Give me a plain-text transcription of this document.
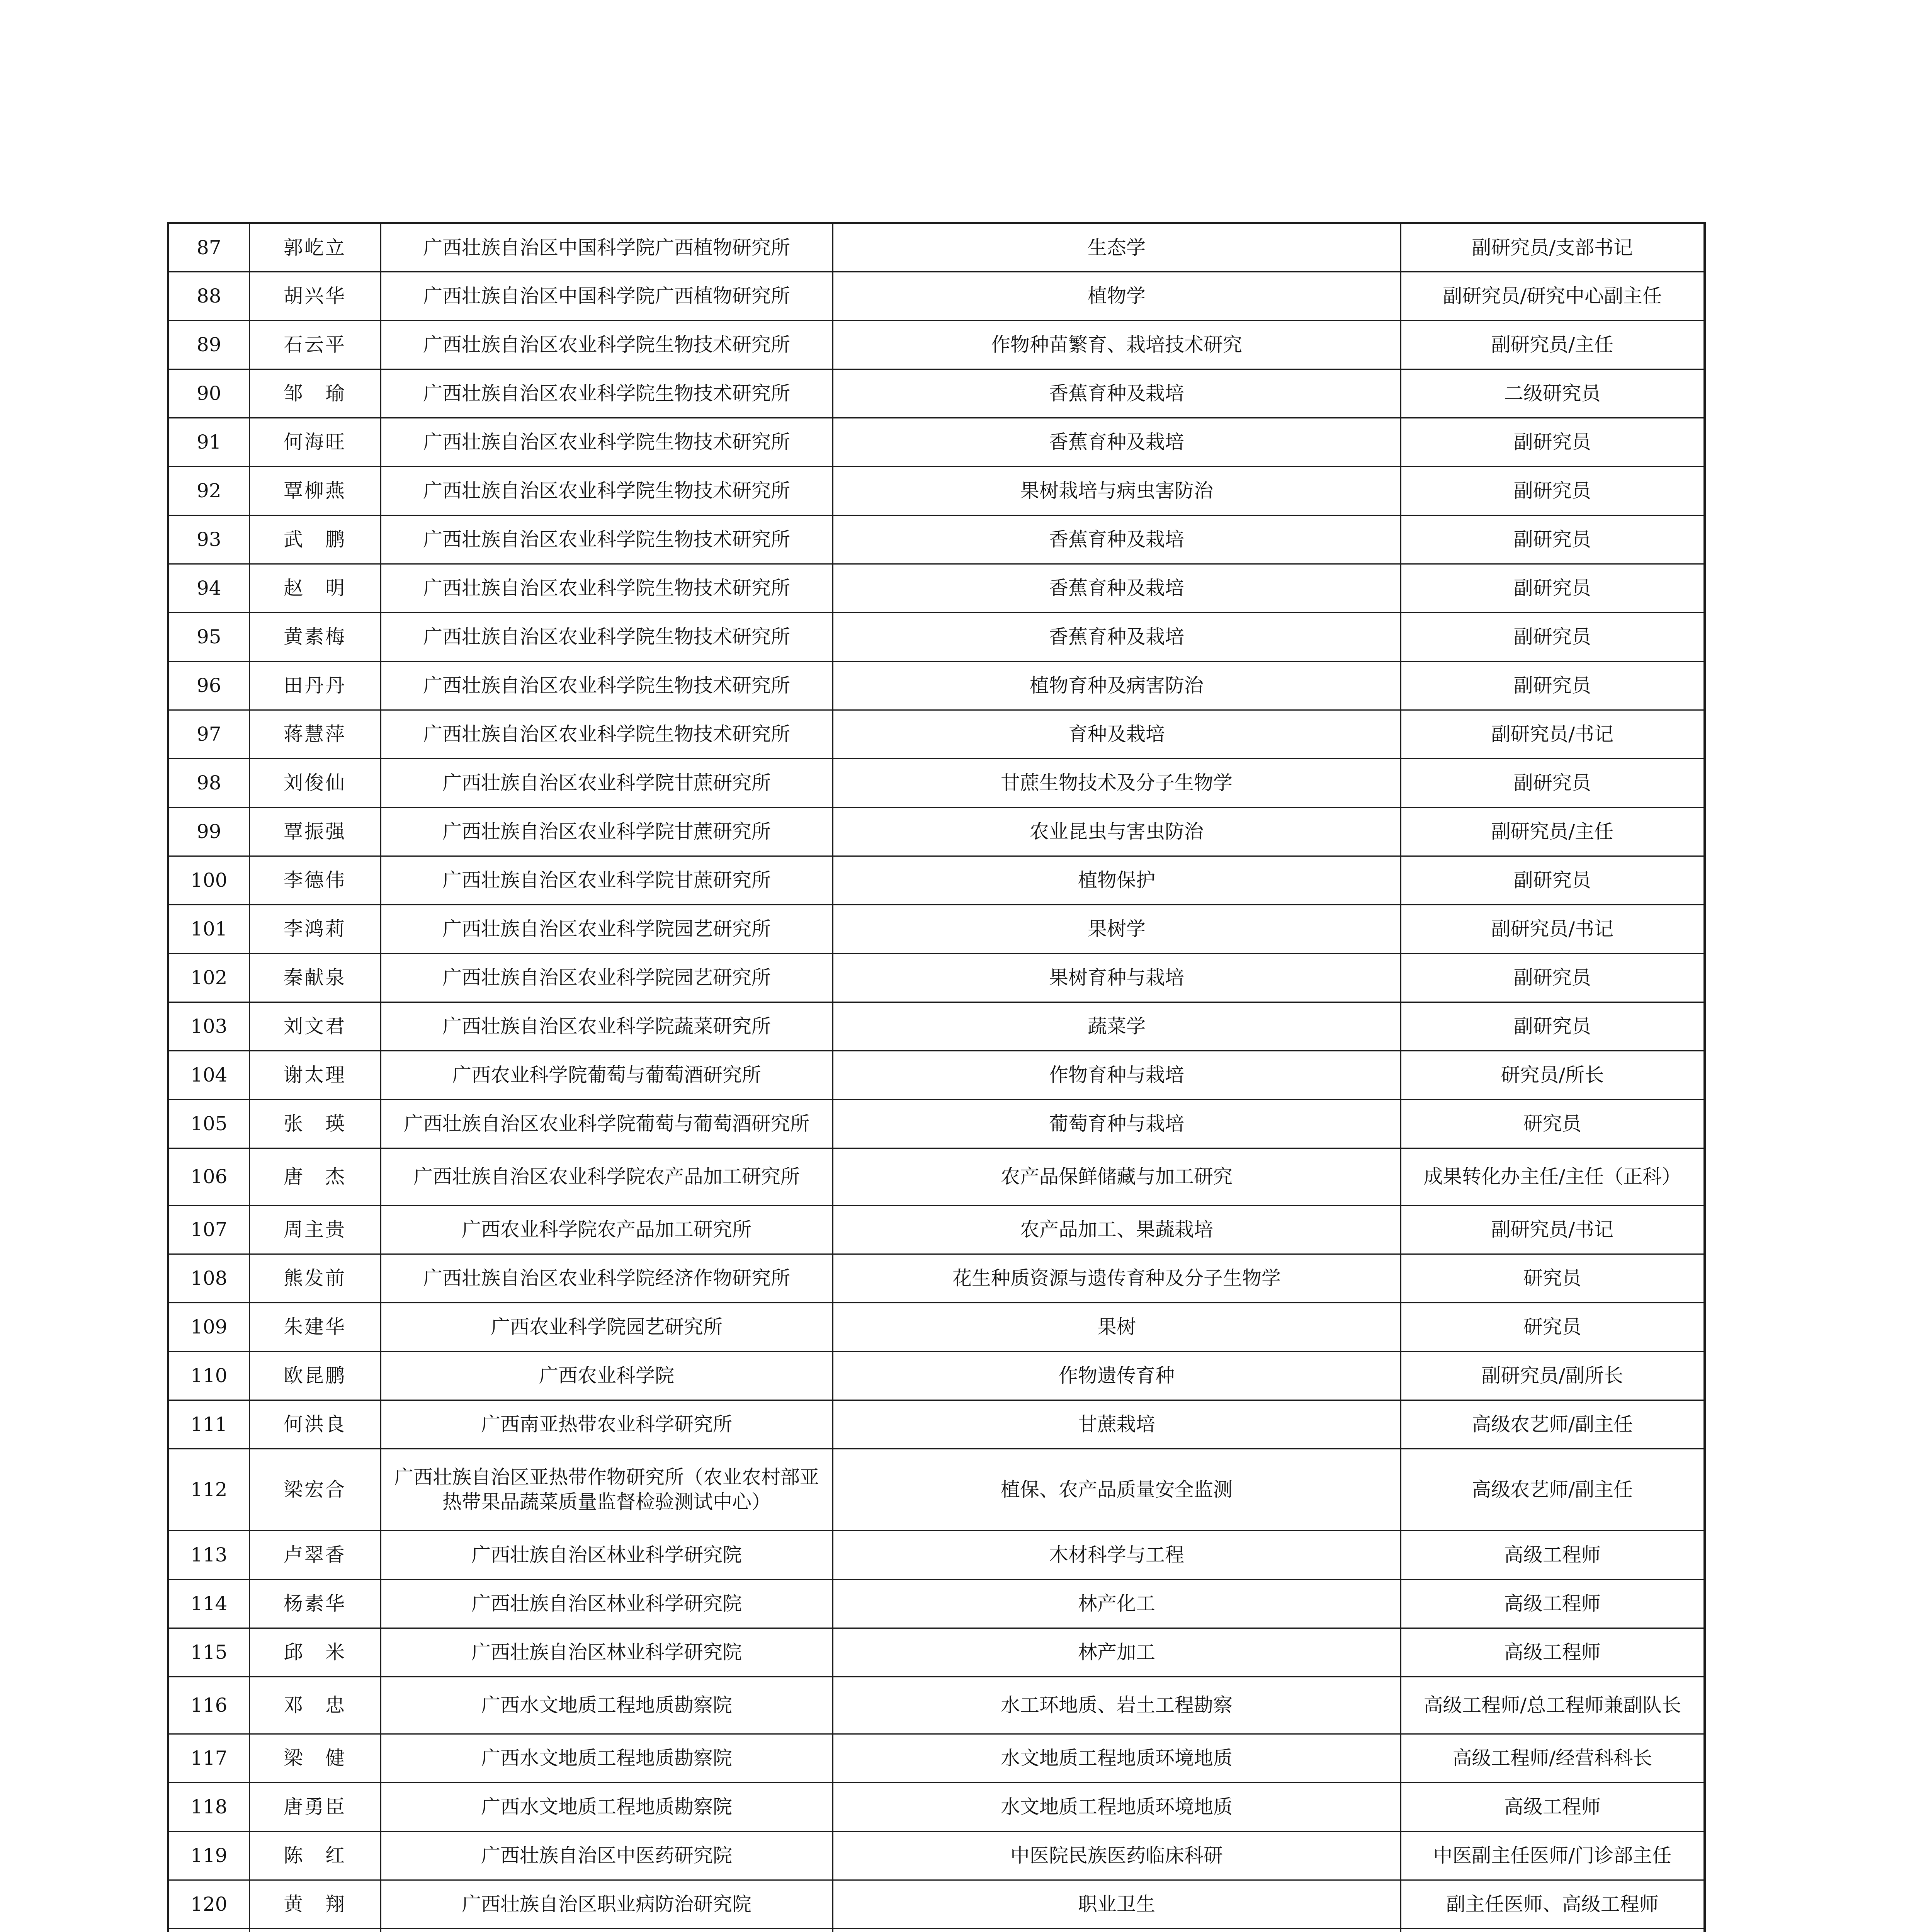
87	郭屹立	广西壮族自治区中国科学院广西植物研究所	生态学	副研究员/支部书记
88	胡兴华	广西壮族自治区中国科学院广西植物研究所	植物学	副研究员/研究中心副主任
89	石云平	广西壮族自治区农业科学院生物技术研究所	作物种苗繁育、栽培技术研究	副研究员/主任
90	邹　瑜	广西壮族自治区农业科学院生物技术研究所	香蕉育种及栽培	二级研究员
91	何海旺	广西壮族自治区农业科学院生物技术研究所	香蕉育种及栽培	副研究员
92	覃柳燕	广西壮族自治区农业科学院生物技术研究所	果树栽培与病虫害防治	副研究员
93	武　鹏	广西壮族自治区农业科学院生物技术研究所	香蕉育种及栽培	副研究员
94	赵　明	广西壮族自治区农业科学院生物技术研究所	香蕉育种及栽培	副研究员
95	黄素梅	广西壮族自治区农业科学院生物技术研究所	香蕉育种及栽培	副研究员
96	田丹丹	广西壮族自治区农业科学院生物技术研究所	植物育种及病害防治	副研究员
97	蒋慧萍	广西壮族自治区农业科学院生物技术研究所	育种及栽培	副研究员/书记
98	刘俊仙	广西壮族自治区农业科学院甘蔗研究所	甘蔗生物技术及分子生物学	副研究员
99	覃振强	广西壮族自治区农业科学院甘蔗研究所	农业昆虫与害虫防治	副研究员/主任
100	李德伟	广西壮族自治区农业科学院甘蔗研究所	植物保护	副研究员
101	李鸿莉	广西壮族自治区农业科学院园艺研究所	果树学	副研究员/书记
102	秦献泉	广西壮族自治区农业科学院园艺研究所	果树育种与栽培	副研究员
103	刘文君	广西壮族自治区农业科学院蔬菜研究所	蔬菜学	副研究员
104	谢太理	广西农业科学院葡萄与葡萄酒研究所	作物育种与栽培	研究员/所长
105	张　瑛	广西壮族自治区农业科学院葡萄与葡萄酒研究所	葡萄育种与栽培	研究员
106	唐　杰	广西壮族自治区农业科学院农产品加工研究所	农产品保鲜储藏与加工研究	成果转化办主任/主任（正科）
107	周主贵	广西农业科学院农产品加工研究所	农产品加工、果蔬栽培	副研究员/书记
108	熊发前	广西壮族自治区农业科学院经济作物研究所	花生种质资源与遗传育种及分子生物学	研究员
109	朱建华	广西农业科学院园艺研究所	果树	研究员
110	欧昆鹏	广西农业科学院	作物遗传育种	副研究员/副所长
111	何洪良	广西南亚热带农业科学研究所	甘蔗栽培	高级农艺师/副主任
112	梁宏合	广西壮族自治区亚热带作物研究所（农业农村部亚热带果品蔬菜质量监督检验测试中心）	植保、农产品质量安全监测	高级农艺师/副主任
113	卢翠香	广西壮族自治区林业科学研究院	木材科学与工程	高级工程师
114	杨素华	广西壮族自治区林业科学研究院	林产化工	高级工程师
115	邱　米	广西壮族自治区林业科学研究院	林产加工	高级工程师
116	邓　忠	广西水文地质工程地质勘察院	水工环地质、岩土工程勘察	高级工程师/总工程师兼副队长
117	梁　健	广西水文地质工程地质勘察院	水文地质工程地质环境地质	高级工程师/经营科科长
118	唐勇臣	广西水文地质工程地质勘察院	水文地质工程地质环境地质	高级工程师
119	陈　红	广西壮族自治区中医药研究院	中医院民族医药临床科研	中医副主任医师/门诊部主任
120	黄　翔	广西壮族自治区职业病防治研究院	职业卫生	副主任医师、高级工程师
